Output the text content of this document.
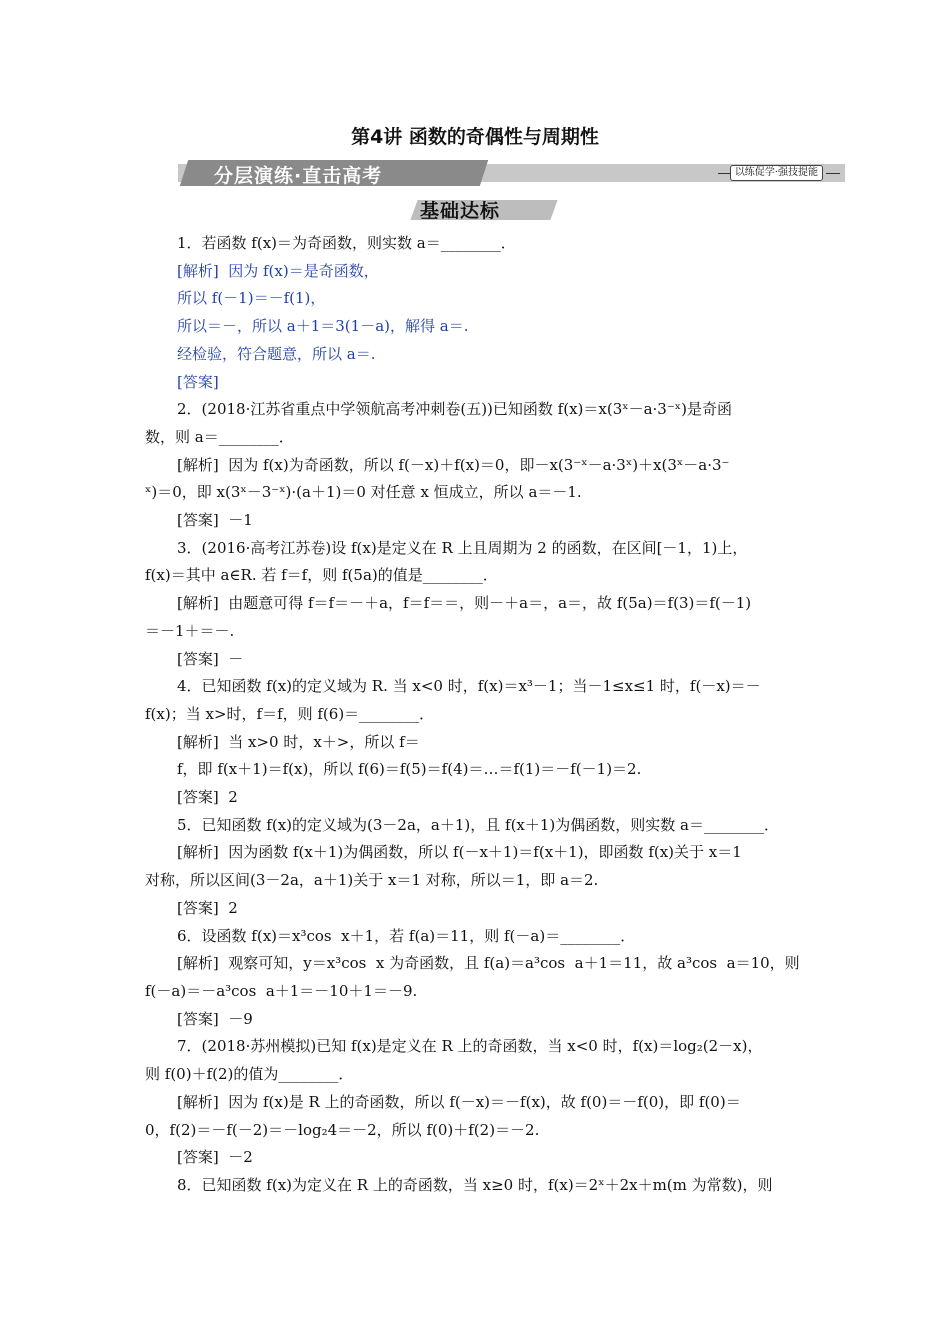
第4讲 函数的奇偶性与周期性
分层演练·直击高考	以练促学·强技提能
基础达标
1．若函数 f(x)＝为奇函数，则实数 a＝________．
[解析]  因为 f(x)＝是奇函数，
所以 f(－1)＝－f(1)，
所以＝－，所以 a＋1＝3(1－a)，解得 a＝.
经检验，符合题意，所以 a＝.
[答案]
2．(2018·江苏省重点中学领航高考冲刺卷(五))已知函数 f(x)＝x(3ˣ－a·3⁻ˣ)是奇函
数，则 a＝________．
[解析]  因为 f(x)为奇函数，所以 f(－x)＋f(x)＝0，即－x(3⁻ˣ－a·3ˣ)＋x(3ˣ－a·3⁻
ˣ)＝0，即 x(3ˣ－3⁻ˣ)·(a＋1)＝0 对任意 x 恒成立，所以 a＝－1.
[答案]  －1
3．(2016·高考江苏卷)设 f(x)是定义在 R 上且周期为 2 的函数，在区间[－1，1)上，
f(x)＝其中 a∈R. 若 f＝f，则 f(5a)的值是________．
[解析]  由题意可得 f＝f＝－＋a，f＝f＝＝，则－＋a＝，a＝，故 f(5a)＝f(3)＝f(－1)
＝－1＋＝－.
[答案]  －
4．已知函数 f(x)的定义域为 R. 当 x<0 时，f(x)＝x³－1；当－1≤x≤1 时，f(－x)＝－
f(x)；当 x>时，f＝f，则 f(6)＝________．
[解析]  当 x>0 时，x＋>，所以 f＝
f，即 f(x＋1)＝f(x)，所以 f(6)＝f(5)＝f(4)＝…＝f(1)＝－f(－1)＝2.
[答案]  2
5．已知函数 f(x)的定义域为(3－2a，a＋1)，且 f(x＋1)为偶函数，则实数 a＝________．
[解析]  因为函数 f(x＋1)为偶函数，所以 f(－x＋1)＝f(x＋1)，即函数 f(x)关于 x＝1
对称，所以区间(3－2a，a＋1)关于 x＝1 对称，所以＝1，即 a＝2.
[答案]  2
6．设函数 f(x)＝x³cos  x＋1，若 f(a)＝11，则 f(－a)＝________．
[解析]  观察可知，y＝x³cos  x 为奇函数，且 f(a)＝a³cos  a＋1＝11，故 a³cos  a＝10，则
f(－a)＝－a³cos  a＋1＝－10＋1＝－9.
[答案]  －9
7．(2018·苏州模拟)已知 f(x)是定义在 R 上的奇函数，当 x<0 时，f(x)＝log₂(2－x)，
则 f(0)＋f(2)的值为________．
[解析]  因为 f(x)是 R 上的奇函数，所以 f(－x)＝－f(x)，故 f(0)＝－f(0)，即 f(0)＝
0，f(2)＝－f(－2)＝－log₂4＝－2，所以 f(0)＋f(2)＝－2.
[答案]  －2
8．已知函数 f(x)为定义在 R 上的奇函数，当 x≥0 时，f(x)＝2ˣ＋2x＋m(m 为常数)，则
